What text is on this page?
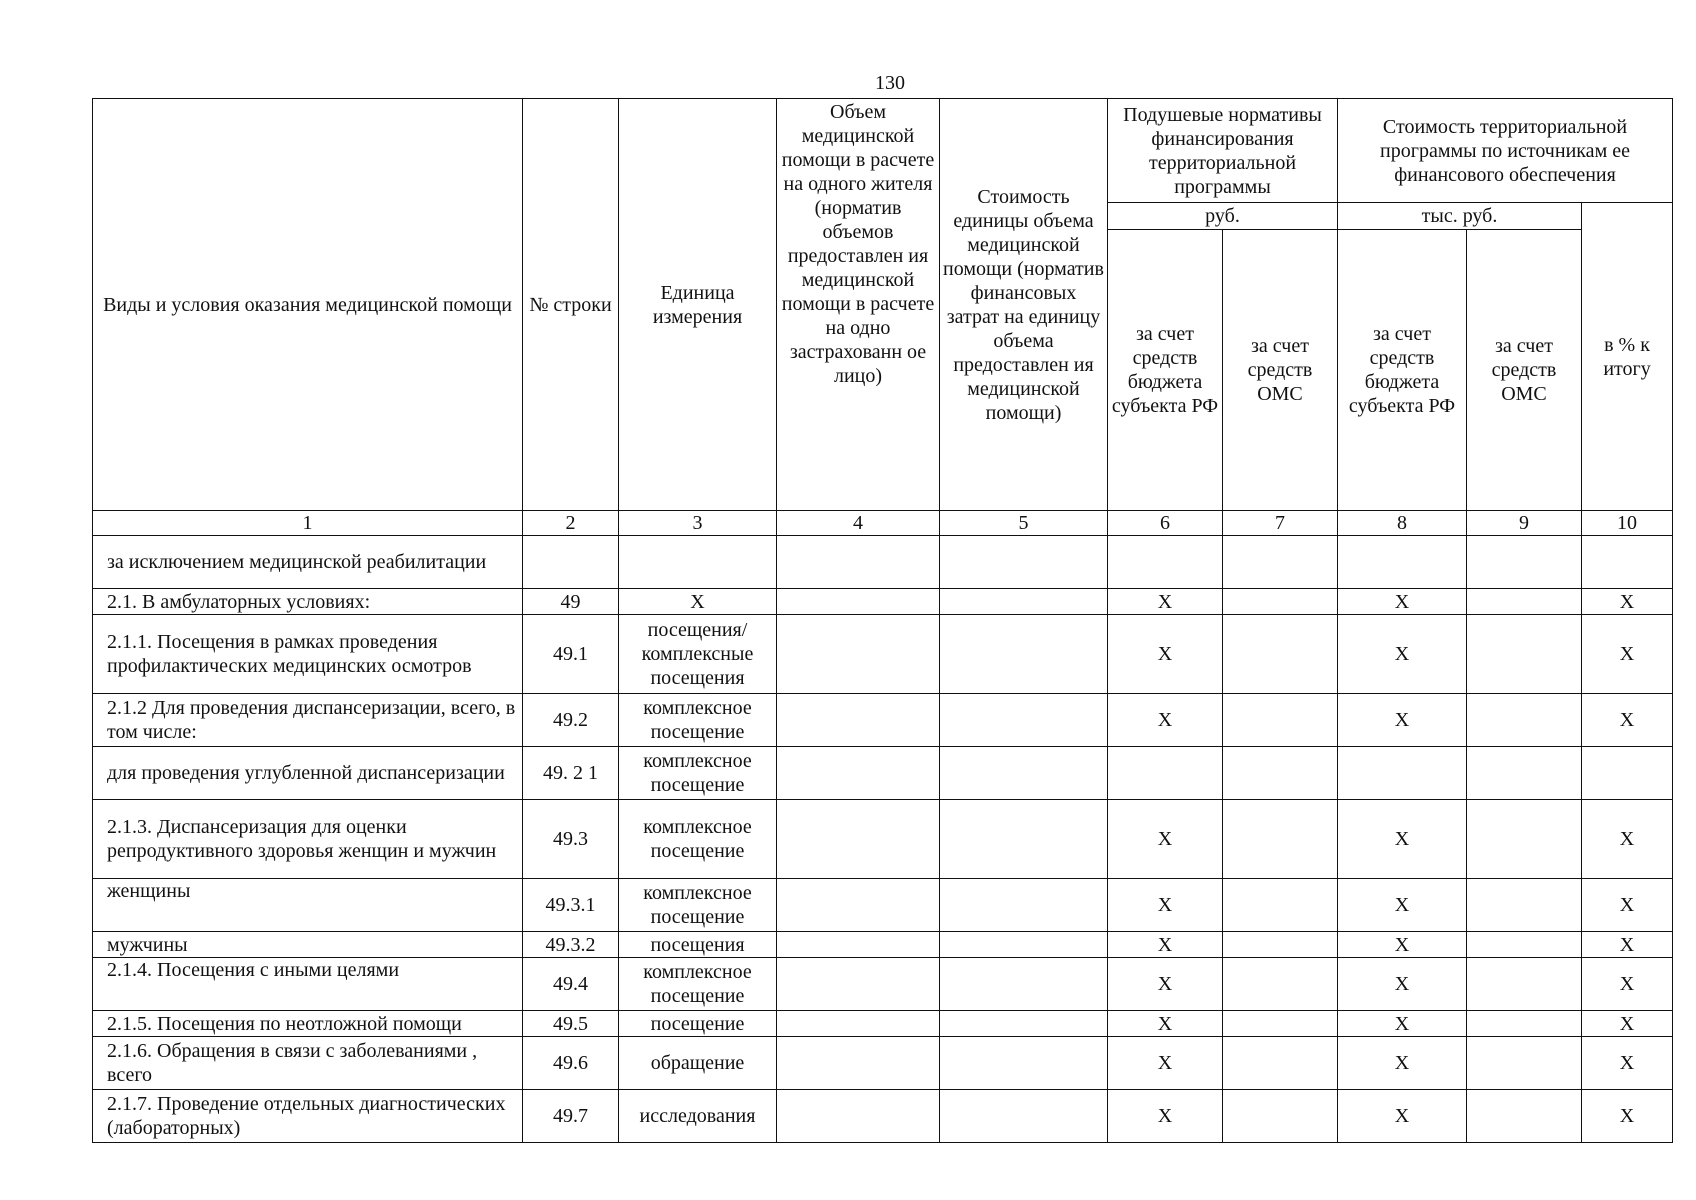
130
Виды и условия оказания медицинской помощи	№ строки	Единица измерения	Объем медицинской помощи в расчете на одного жителя (норматив объемов предоставлен ия медицинской помощи в расчете на одно застрахованн ое лицо)	Стоимость единицы объема медицинской помощи (норматив финансовых затрат на единицу объема предоставлен ия медицинской помощи)	Подушевые нормативы финансирования территориальной программы		Стоимость территориальной программы по источникам ее финансового обеспечения		
					руб.		тыс. руб.		в % к итогу
					за счет средств бюджета субъекта РФ	за счет средств ОМС	за счет средств бюджета субъекта РФ	за счет средств ОМС	
1	2	3	4	5	6	7	8	9	10
за исключением медицинской реабилитации									
2.1. В амбулаторных условиях:	49	Х			Х		Х		Х
2.1.1. Посещения в рамках проведения профилактических медицинских осмотров	49.1	посещения/ комплексные посещения			Х		Х		Х
2.1.2 Для проведения диспансеризации, всего, в том числе:	49.2	комплексное посещение			Х		Х		Х
для проведения углубленной диспансеризации	49. 2 1	комплексное посещение							
2.1.3. Диспансеризация для оценки репродуктивного здоровья женщин и мужчин	49.3	комплексное посещение			Х		Х		Х
женщины	49.3.1	комплексное посещение			Х		Х		Х
мужчины	49.3.2	посещения			Х		Х		Х
2.1.4. Посещения с иными целями	49.4	комплексное посещение			Х		Х		Х
2.1.5. Посещения по неотложной помощи	49.5	посещение			Х		Х		Х
2.1.6. Обращения в связи с заболеваниями , всего	49.6	обращение			Х		Х		Х
2.1.7. Проведение отдельных диагностических (лабораторных)	49.7	исследования			Х		Х		Х
